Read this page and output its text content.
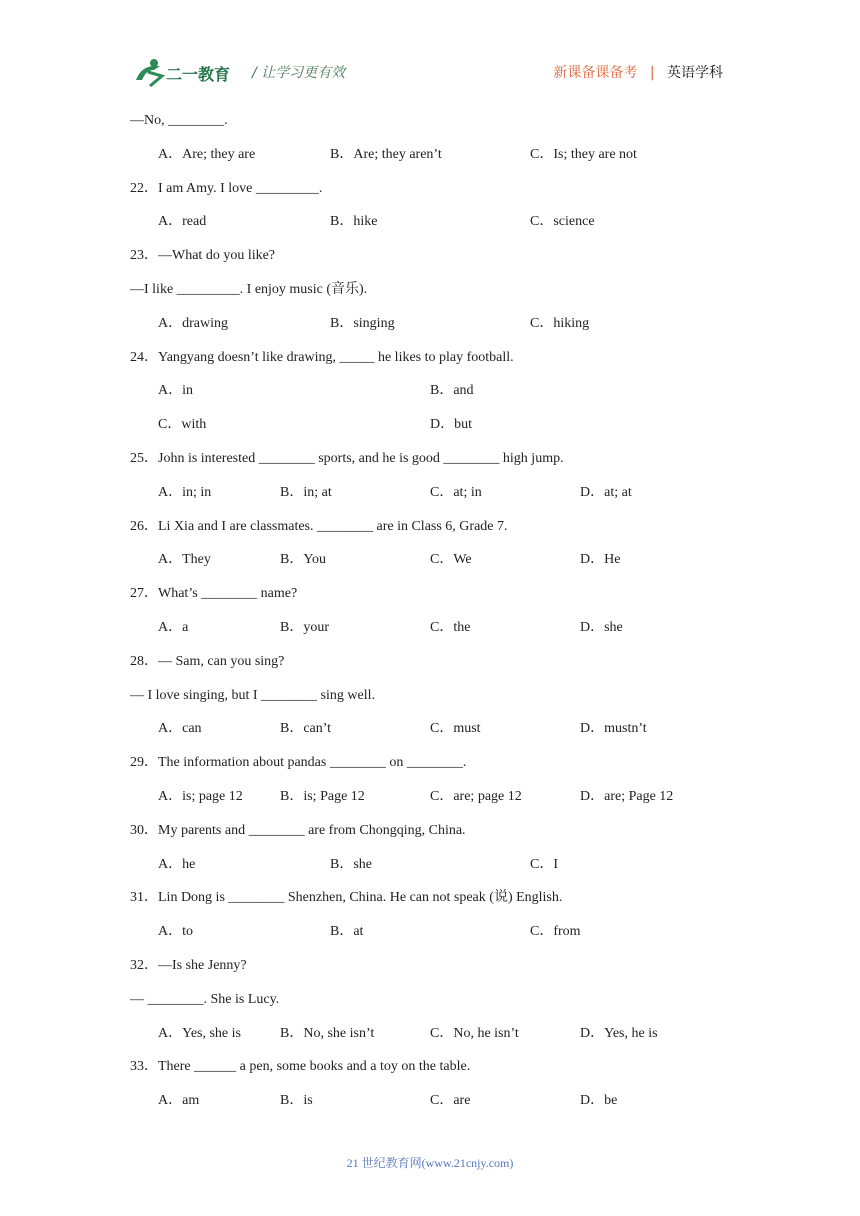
二一教育 / 让学习更有效	新课备课备考 | 英语学科
—No, ________.
A．Are; they are	B．Are; they aren’t	C．Is; they are not
22．I am Amy. I love _________.
A．read	B．hike	C．science
23．—What do you like?
—I like _________. I enjoy music (音乐).
A．drawing	B．singing	C．hiking
24．Yangyang doesn’t like drawing, _____ he likes to play football.
A．in	B．and
C．with	D．but
25．John is interested ________ sports, and he is good ________ high jump.
A．in; in	B．in; at	C．at; in	D．at; at
26．Li Xia and I are classmates. ________ are in Class 6, Grade 7.
A．They	B．You	C．We	D．He
27．What’s ________ name?
A．a	B．your	C．the	D．she
28．— Sam, can you sing?
— I love singing, but I ________ sing well.
A．can	B．can’t	C．must	D．mustn’t
29．The information about pandas ________ on ________.
A．is; page 12	B．is; Page 12	C．are; page 12	D．are; Page 12
30．My parents and ________ are from Chongqing, China.
A．he	B．she	C．I
31．Lin Dong is ________ Shenzhen, China. He can not speak (说) English.
A．to	B．at	C．from
32．—Is she Jenny?
— ________. She is Lucy.
A．Yes, she is	B．No, she isn’t	C．No, he isn’t	D．Yes, he is
33．There ______ a pen, some books and a toy on the table.
A．am	B．is	C．are	D．be
21 世纪教育网(www.21cnjy.com)
